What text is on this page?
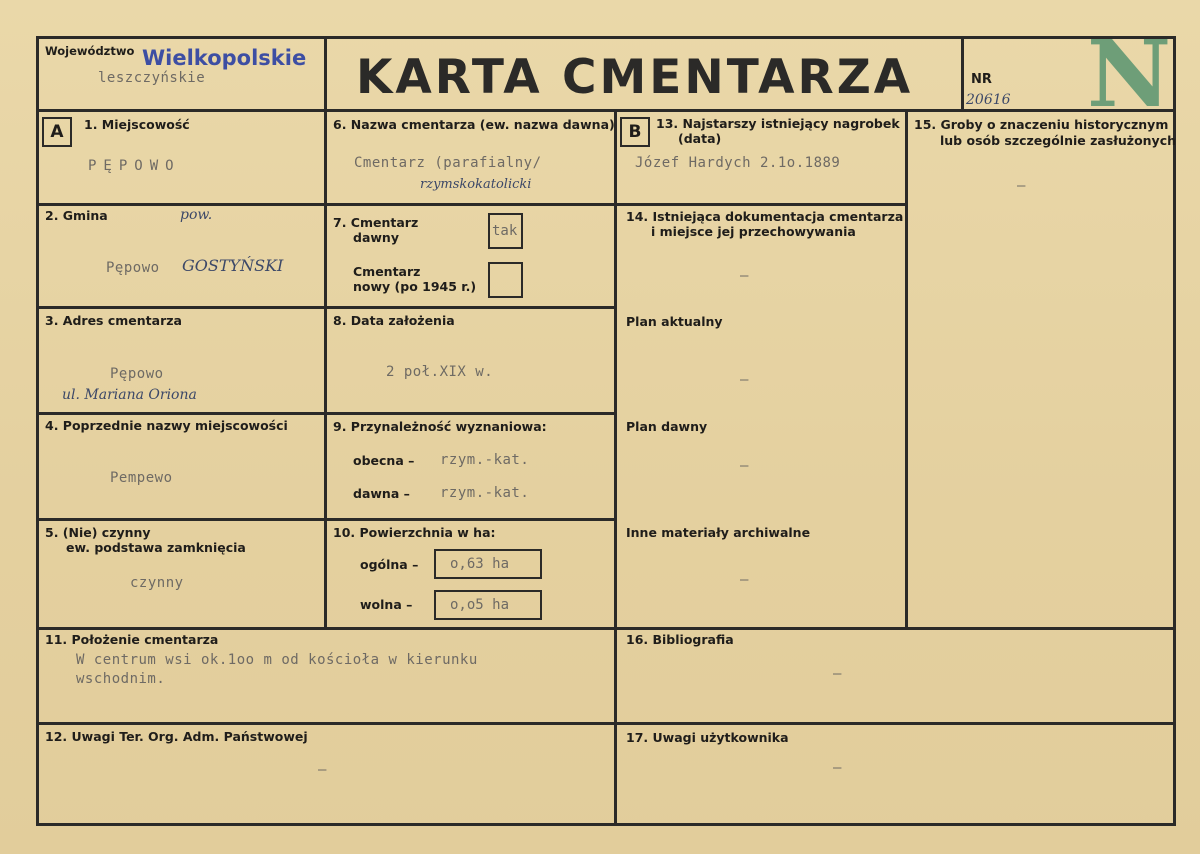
Województwo Wielkopolskie
leszczyńskie	KARTA CMENTARZA	NR
20616 N
A	B
1. Miejscowość
PĘPOWO
2. Gmina	pow.
Pępowo GOSTYŃSKI
3. Adres cmentarza
Pępowo
ul. Mariana Oriona
4. Poprzednie nazwy miejscowości
Pempewo
5. (Nie) czynny
ew. podstawa zamknięcia
czynny
6. Nazwa cmentarza (ew. nazwa dawna)
Cmentarz (parafialny/
rzymskokatolicki
7. Cmentarz
dawny	tak
Cmentarz
nowy (po 1945 r.)
8. Data założenia
2 poł.XIX w.
9. Przynależność wyznaniowa:
obecna – rzym.-kat.
dawna – rzym.-kat.
10. Powierzchnia w ha:
ogólna –	o,63 ha
wolna –	o,o5 ha
11. Położenie cmentarza
W centrum wsi ok.1oo m od kościoła w kierunku
wschodnim.
12. Uwagi Ter. Org. Adm. Państwowej
–
13. Najstarszy istniejący nagrobek
(data)
Józef Hardych 2.1o.1889
14. Istniejąca dokumentacja cmentarza
i miejsce jej przechowywania
–
Plan aktualny
–
Plan dawny
–
Inne materiały archiwalne
–
15. Groby o znaczeniu historycznym
lub osób szczególnie zasłużonych
–
16. Bibliografia
–
17. Uwagi użytkownika
–
